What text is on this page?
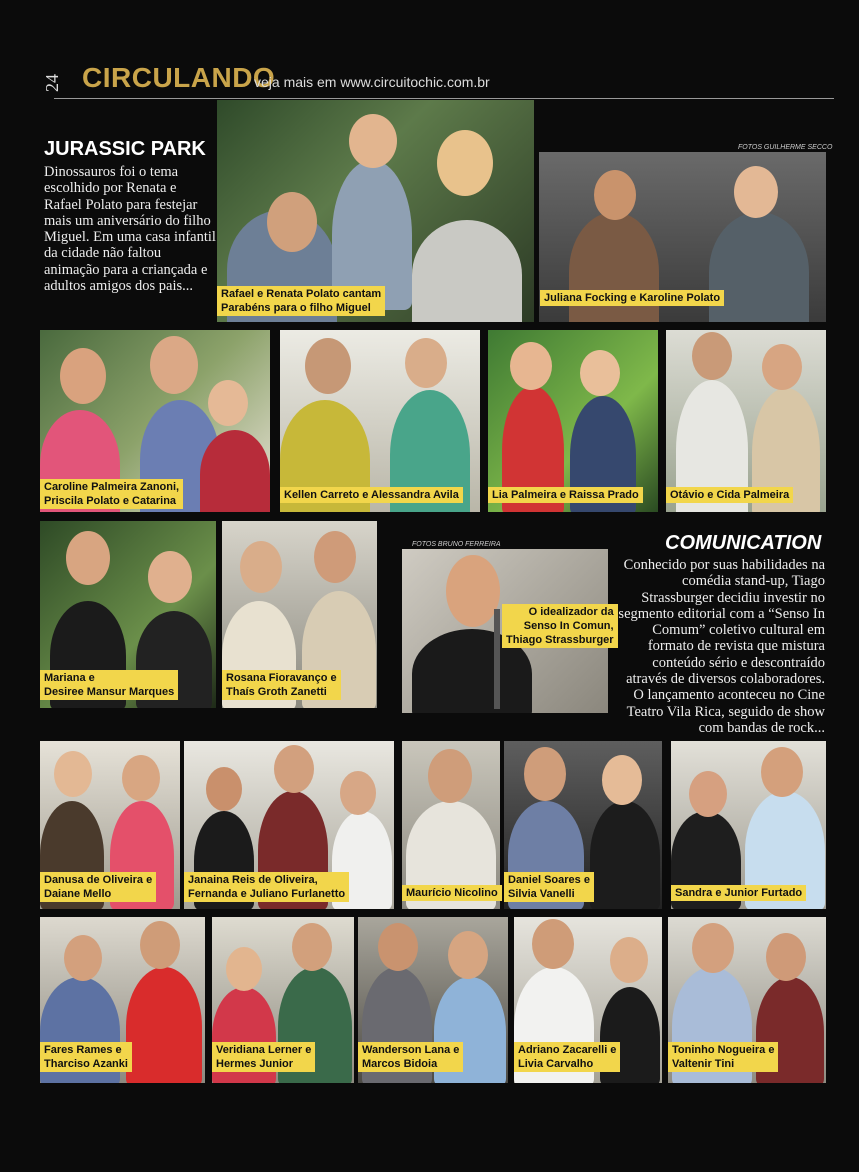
24 CIRCULANDO
veja mais em www.circuitochic.com.br
JURASSIC PARK
Dinossauros foi o tema escolhido por Renata e Rafael Polato para festejar mais um aniversário do filho Miguel. Em uma casa infantil da cidade não faltou animação para a criançada e adultos amigos dos pais...	Rafael e Renata Polato cantam
Parabéns para o filho Miguel
FOTOS GUILHERME SECCO
Juliana Focking e Karoline Polato
Caroline Palmeira Zanoni,
Priscila Polato e Catarina	Kellen Carreto e Alessandra Avila	Lia Palmeira e Raissa Prado	Otávio e Cida Palmeira
Mariana e
Desiree Mansur Marques
Rosana Fioravanço e
Thaís Groth Zanetti
FOTOS BRUNO FERREIRA
O idealizador da
Senso In Comun,
Thiago Strassburger
COMUNICATION
Conhecido por suas habilidades na comédia stand-up, Tiago Strassburger decidiu investir no segmento editorial com a “Senso In Comum” coletivo cultural em formato de revista que mistura conteúdo sério e descontraído através de diversos colaboradores. O lançamento aconteceu no Cine Teatro Vila Rica, seguido de show com bandas de rock...
Danusa de Oliveira e
Daiane Mello
Janaina Reis de Oliveira,
Fernanda e Juliano Furlanetto	Maurício Nicolino
Daniel Soares e
Silvia Vanelli	Sandra e Junior Furtado
Fares Rames e
Tharciso Azanki
Veridiana Lerner e
Hermes Junior
Wanderson Lana e
Marcos Bidoia
Adriano Zacarelli e
Livia Carvalho
Toninho Nogueira e
Valtenir Tini
